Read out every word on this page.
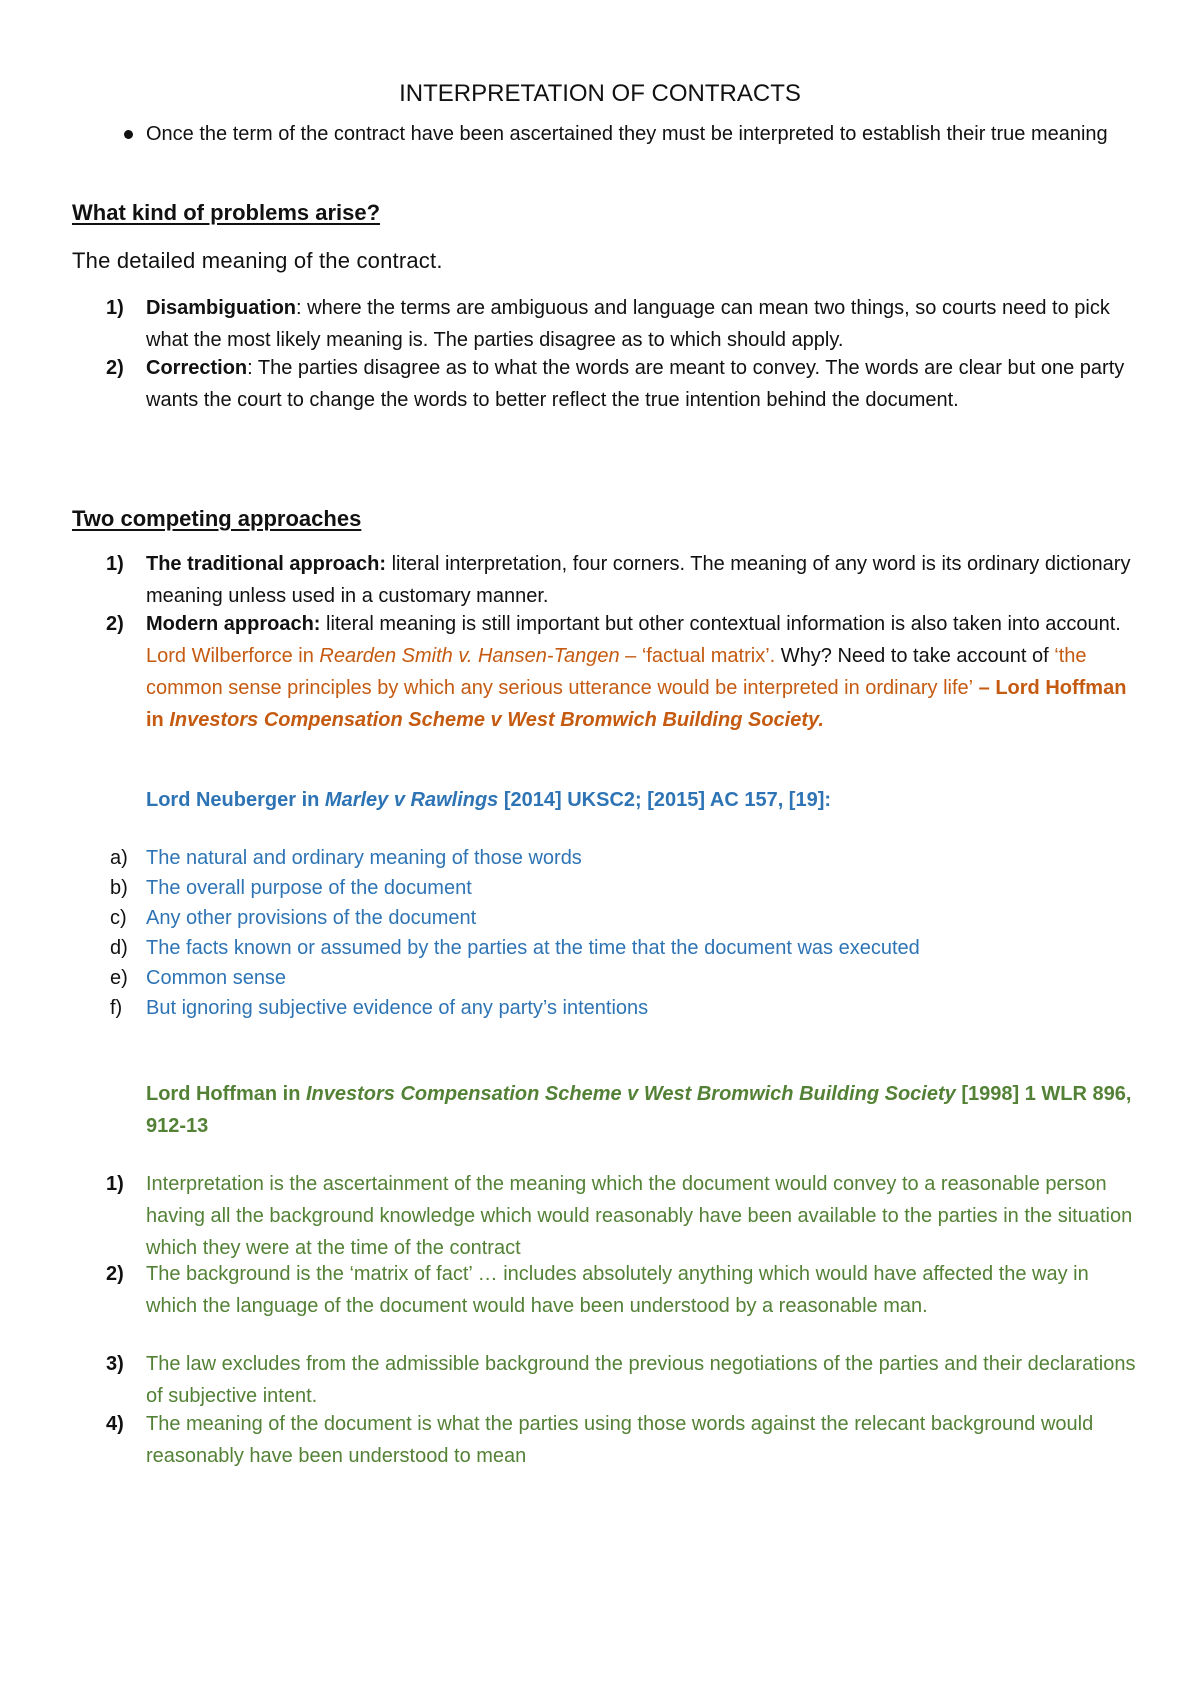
INTERPRETATION OF CONTRACTS
Once the term of the contract have been ascertained they must be interpreted to establish their true meaning
What kind of problems arise?
The detailed meaning of the contract.
1)	Disambiguation: where the terms are ambiguous and language can mean two things, so courts need to pick what the most likely meaning is. The parties disagree as to which should apply.
2)	Correction: The parties disagree as to what the words are meant to convey. The words are clear but one party wants the court to change the words to better reflect the true intention behind the document.
Two competing approaches
1)	The traditional approach: literal interpretation, four corners. The meaning of any word is its ordinary dictionary meaning unless used in a customary manner.
2)	Modern approach: literal meaning is still important but other contextual information is also taken into account. Lord Wilberforce in Rearden Smith v. Hansen-Tangen – ‘factual matrix’. Why? Need to take account of ‘the common sense principles by which any serious utterance would be interpreted in ordinary life’ – Lord Hoffman in Investors Compensation Scheme v West Bromwich Building Society.
Lord Neuberger in Marley v Rawlings [2014] UKSC2; [2015] AC 157, [19]:
a) The natural and ordinary meaning of those words
b) The overall purpose of the document
c) Any other provisions of the document
d) The facts known or assumed by the parties at the time that the document was executed
e) Common sense
f)	But ignoring subjective evidence of any party’s intentions
Lord Hoffman in Investors Compensation Scheme v West Bromwich Building Society [1998] 1 WLR 896, 912-13
1)	Interpretation is the ascertainment of the meaning which the document would convey to a reasonable person having all the background knowledge which would reasonably have been available to the parties in the situation which they were at the time of the contract
2)	The background is the ‘matrix of fact’ … includes absolutely anything which would have affected the way in which the language of the document would have been understood by a reasonable man.
3)	The law excludes from the admissible background the previous negotiations of the parties and their declarations of subjective intent.
4)	The meaning of the document is what the parties using those words against the relecant background would reasonably have been understood to mean
